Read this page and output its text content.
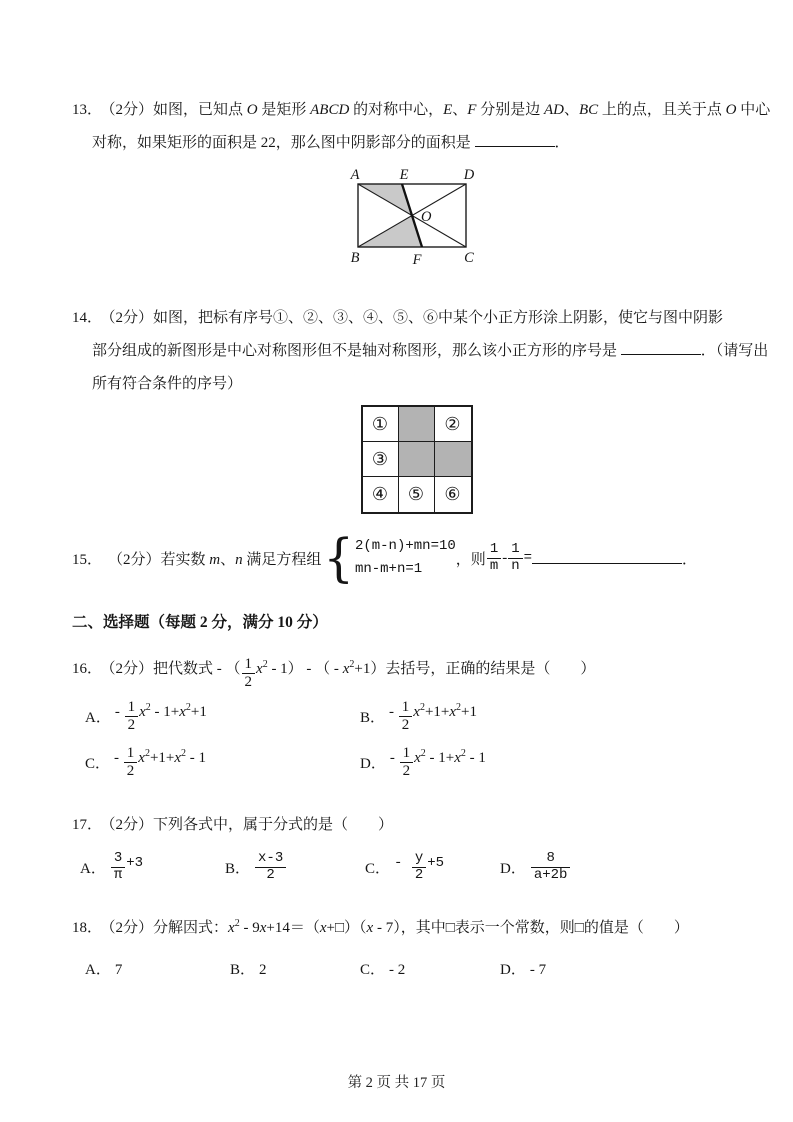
13． （2分）如图，已知点 O 是矩形 ABCD 的对称中心，E、F 分别是边 AD、BC 上的点，且关于点 O 中心
对称，如果矩形的面积是 22，那么图中阴影部分的面积是	．
A	E	D
O
B	F	C
14． （2分）如图，把标有序号①、②、③、④、⑤、⑥中某个小正方形涂上阴影，使它与图中阴影
部分组成的新图形是中心对称图形但不是轴对称图形，那么该小正方形的序号是	．（请写出
所有符合条件的序号）
①	②
③
④	⑤	⑥
15． （2分）若实数 m、n 满足方程组 { 2(m-n)+mn=10
mn-m+n=1
， 则 $\frac{1}{m} - \frac{1}{n}$ =	．
二、选择题（每题 2 分，满分 10 分）
16． （2分）把代数式 - （ $\frac{1}{2} x^2 - 1$） - （ - $x^2+1$）去括号，正确的结果是（　　）
A． - $\frac{1}{2} x^2 - 1+x^2+1$	B． - $\frac{1}{2} x^2+1+x^2+1$
C． - $\frac{1}{2} x^2+1+x^2 - 1$	D． - $\frac{1}{2} x^2 - 1+x^2 - 1$
17． （2分）下列各式中，属于分式的是（　　）
A． $\frac{3}{\pi} +3$	B． $\frac{x-3}{2}$	C． - $\frac{y}{2} +5$	D． $\frac{8}{a+2b}$
18． （2分）分解因式：$x^2$ - 9x+14＝（x+□）（x - 7），其中□表示一个常数，则□的值是（　　）
A． 7	B． 2	C． - 2	D． - 7
第 2 页 共 17 页
